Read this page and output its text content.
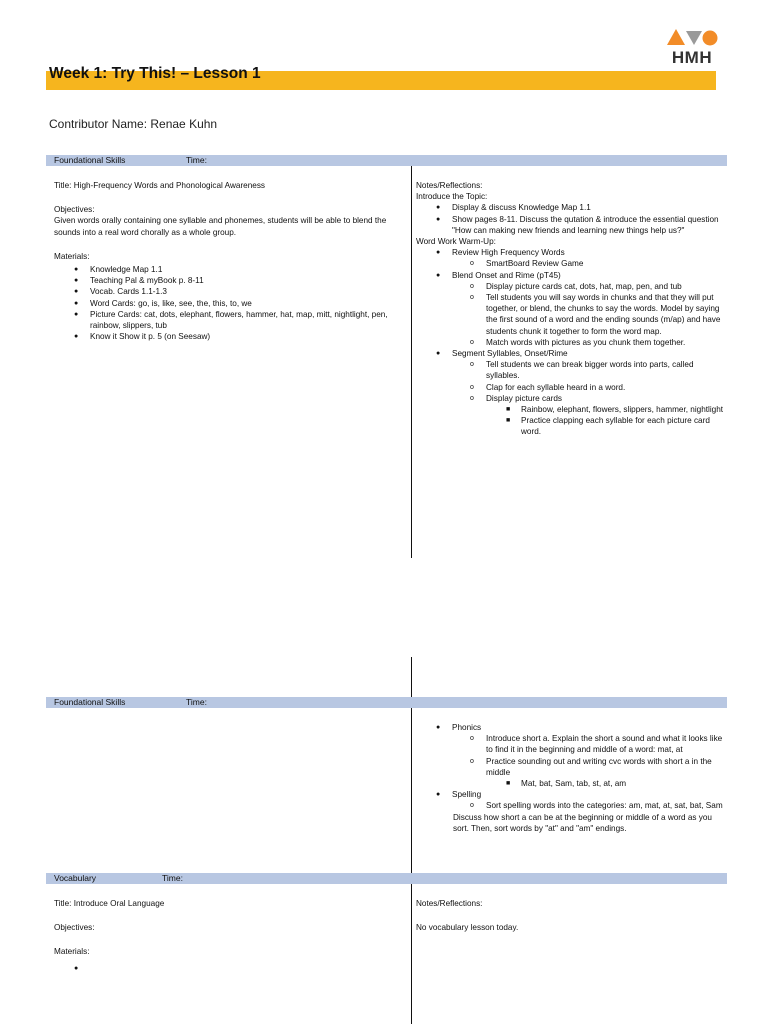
HMH
Week 1: Try This! – Lesson 1
Contributor Name: Renae Kuhn
Foundational Skills	Time:

Title: High-Frequency Words and Phonological Awareness

Objectives:

Given words orally containing one syllable and phonemes, students will be able to blend the sounds into a real word chorally as a whole group.

Materials:

● Knowledge Map 1.1
● Teaching Pal & myBook p. 8-11
● Vocab. Cards 1.1-1.3
● Word Cards: go, is, like, see, the, this, to, we
● Picture Cards: cat, dots, elephant, flowers, hammer, hat, map, mitt, nightlight, pen, rainbow, slippers, tub
● Know it Show it p. 5 (on Seesaw)

Notes/Reflections:

Introduce the Topic:

● Display & discuss Knowledge Map 1.1
● Show pages 8-11. Discuss the qutation & introduce the essential question "How can making new friends and learning new things help us?"

Word Work Warm-Up:

● Review High Frequency Words
o SmartBoard Review Game
● Blend Onset and Rime (pT45)
o Display picture cards cat, dots, hat, map, pen, and tub
o Tell students you will say words in chunks and that they will put together, or blend, the chunks to say the words. Model by saying the first sound of a word and the ending sounds (m/ap) and have students chunk it together to form the word map.
o Match words with pictures as you chunk them together.
● Segment Syllables, Onset/Rime
o Tell students we can break bigger words into parts, called syllables.
o Clap for each syllable heard in a word.
o Display picture cards
■ Rainbow, elephant, flowers, slippers, hammer, nightlight
■ Practice clapping each syllable for each picture card word.
Foundational Skills	Time:
● Phonics
o Introduce short a. Explain the short a sound and what it looks like to find it in the beginning and middle of a word: mat, at
o Practice sounding out and writing cvc words with short a in the middle
■ Mat, bat, Sam, tab, st, at, am
● Spelling
o Sort spelling words into the categories: am, mat, at, sat, bat, Sam

Discuss how short a can be at the beginning or middle of a word as you sort. Then, sort words by "at" and "am" endings.

Vocabulary	Time:

Title: Introduce Oral Language

Objectives:

Materials:

●

Notes/Reflections:

No vocabulary lesson today.
